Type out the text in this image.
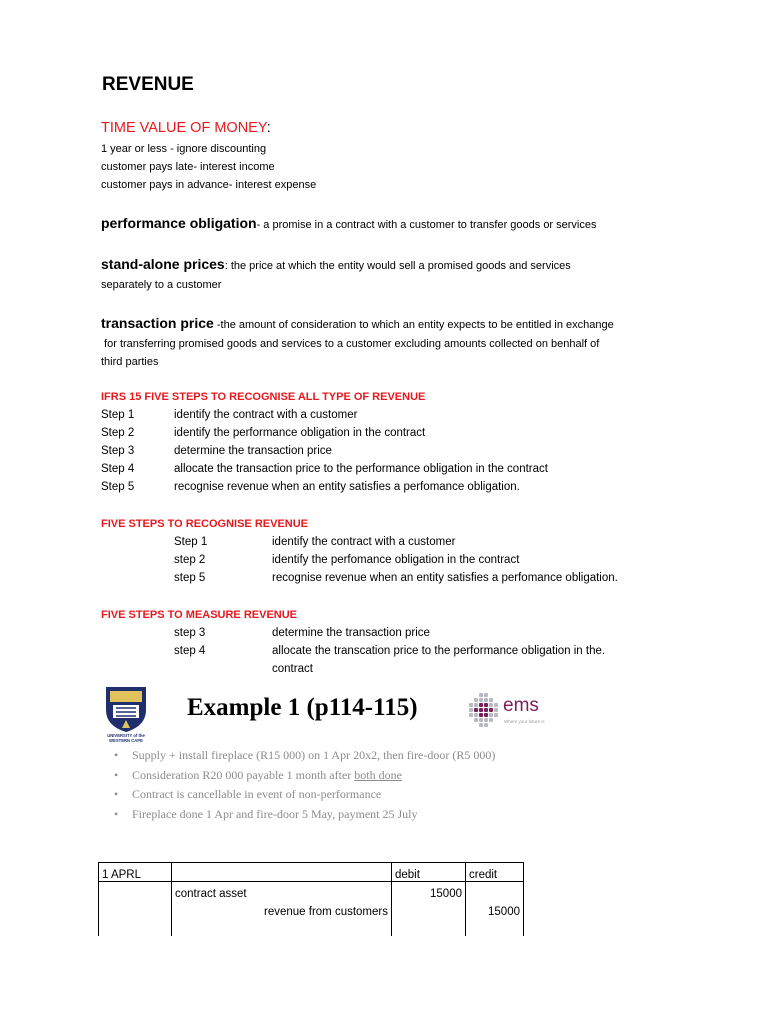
REVENUE
TIME VALUE OF MONEY:
1 year or less - ignore discounting
customer pays late- interest income
customer pays in advance- interest expense
performance obligation- a promise in a contract with a customer to transfer goods or services
stand-alone prices: the price at which the entity would sell a promised goods and services
separately to a customer
transaction price -the amount of consideration to which an entity expects to be entitled in exchange
for transferring promised goods and services to a customer excluding amounts collected on benhalf of
third parties
IFRS 15 FIVE STEPS TO RECOGNISE ALL TYPE OF REVENUE
Step 1	identify the contract with a customer
Step 2	identify the performance obligation in the contract
Step 3	determine the transaction price
Step 4	allocate the transaction price to the performance obligation in the contract
Step 5	recognise revenue when an entity satisfies a perfomance obligation.
FIVE STEPS TO RECOGNISE REVENUE
Step 1	identify the contract with a customer
step 2	identify the perfomance obligation in the contract
step 5	recognise revenue when an entity satisfies a perfomance obligation.
FIVE STEPS TO MEASURE REVENUE
step 3	determine the transaction price
step 4	allocate the transcation price to the performance obligation in the.
contract
UNIVERSITY of the WESTERN CAPE
Example 1 (p114-115)	ems
Where your future is
• Supply + install fireplace (R15 000) on 1 Apr 20x2, then fire-door (R5 000)
• Consideration R20 000 payable 1 month after both done
• Contract is cancellable in event of non-performance
• Fireplace done 1 Apr and fire-door 5 May, payment 25 July
1 APRL		debit	credit
	contract asset	15000	
	revenue from customers		15000
